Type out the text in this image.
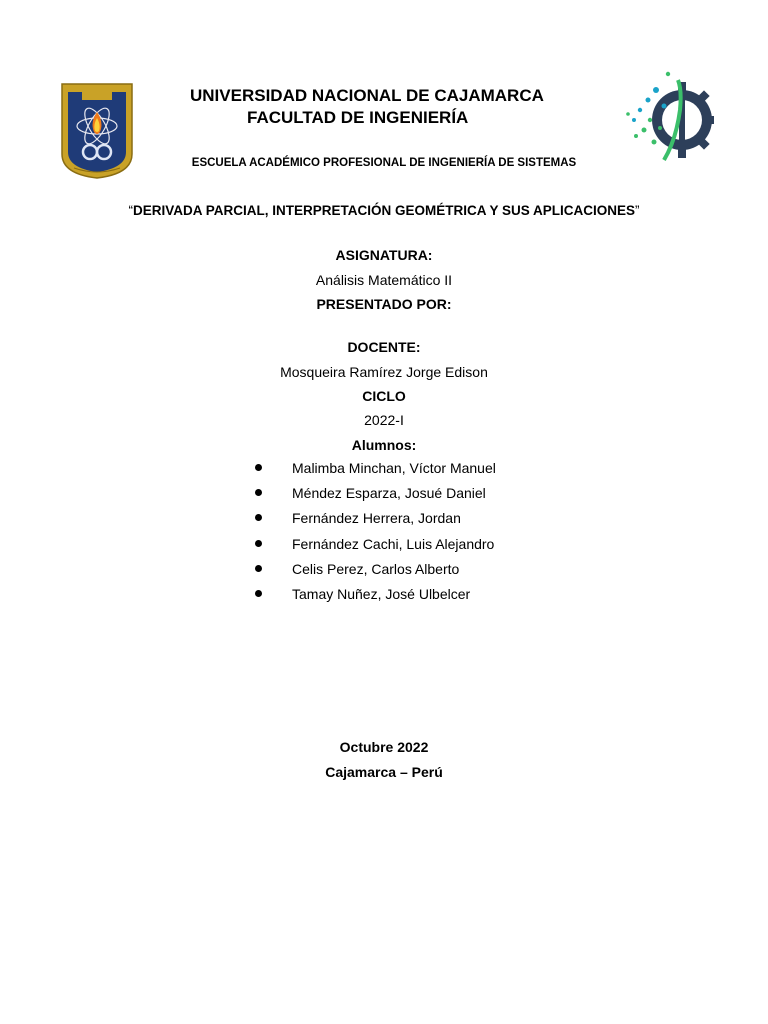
UNIVERSIDAD NACIONAL DE CAJAMARCA
FACULTAD DE INGENIERÍA
ESCUELA ACADÉMICO PROFESIONAL DE INGENIERÍA DE SISTEMAS
“DERIVADA PARCIAL, INTERPRETACIÓN GEOMÉTRICA Y SUS APLICACIONES”
ASIGNATURA:
Análisis Matemático II
PRESENTADO POR:
DOCENTE:
Mosqueira Ramírez Jorge Edison
CICLO
2022-I
Alumnos:
Malimba Minchan, Víctor Manuel
Méndez Esparza, Josué Daniel
Fernández Herrera, Jordan
Fernández Cachi, Luis Alejandro
Celis Perez, Carlos Alberto
Tamay Nuñez, José Ulbelcer
Octubre 2022
Cajamarca – Perú
